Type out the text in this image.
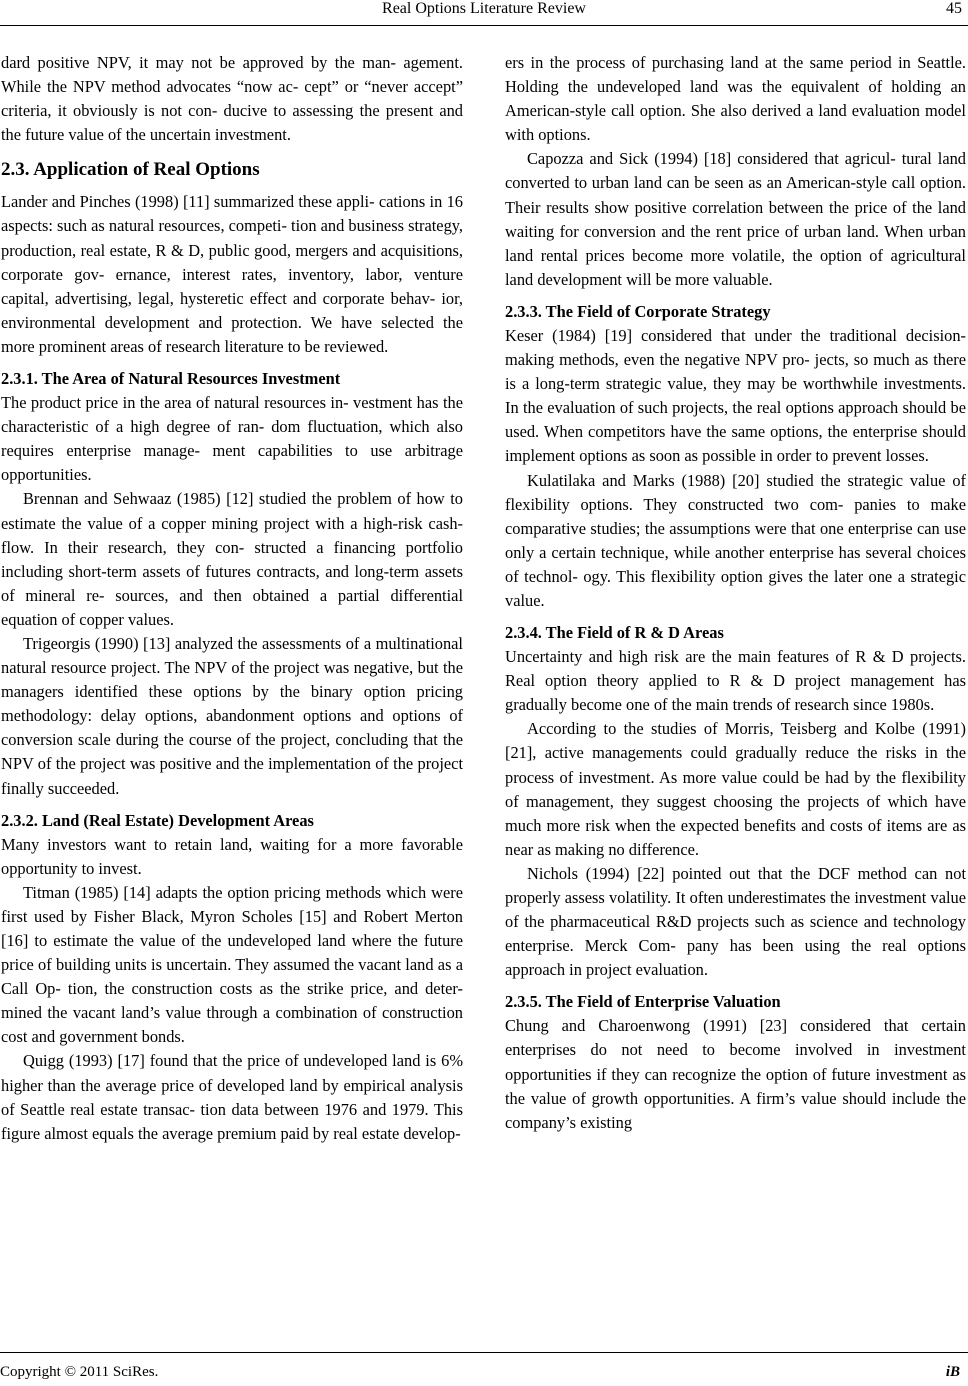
Real Options Literature Review	45

dard positive NPV, it may not be approved by the man- agement. While the NPV method advocates “now ac- cept” or “never accept” criteria, it obviously is not con- ducive to assessing the present and the future value of the uncertain investment.

2.3. Application of Real Options

Lander and Pinches (1998) [11] summarized these appli- cations in 16 aspects: such as natural resources, competi- tion and business strategy, production, real estate, R & D, public good, mergers and acquisitions, corporate gov- ernance, interest rates, inventory, labor, venture capital, advertising, legal, hysteretic effect and corporate behav- ior, environmental development and protection. We have selected the more prominent areas of research literature to be reviewed.

2.3.1. The Area of Natural Resources Investment

The product price in the area of natural resources in- vestment has the characteristic of a high degree of ran- dom fluctuation, which also requires enterprise manage- ment capabilities to use arbitrage opportunities.

Brennan and Sehwaaz (1985) [12] studied the problem of how to estimate the value of a copper mining project with a high-risk cash-flow. In their research, they con- structed a financing portfolio including short-term assets of futures contracts, and long-term assets of mineral re- sources, and then obtained a partial differential equation of copper values.

Trigeorgis (1990) [13] analyzed the assessments of a multinational natural resource project. The NPV of the project was negative, but the managers identified these options by the binary option pricing methodology: delay options, abandonment options and options of conversion scale during the course of the project, concluding that the NPV of the project was positive and the implementation of the project finally succeeded.

2.3.2. Land (Real Estate) Development Areas

Many investors want to retain land, waiting for a more favorable opportunity to invest.

Titman (1985) [14] adapts the option pricing methods which were first used by Fisher Black, Myron Scholes [15] and Robert Merton [16] to estimate the value of the undeveloped land where the future price of building units is uncertain. They assumed the vacant land as a Call Op- tion, the construction costs as the strike price, and deter- mined the vacant land’s value through a combination of construction cost and government bonds.

Quigg (1993) [17] found that the price of undeveloped land is 6% higher than the average price of developed land by empirical analysis of Seattle real estate transac- tion data between 1976 and 1979. This figure almost equals the average premium paid by real estate develop-

ers in the process of purchasing land at the same period in Seattle. Holding the undeveloped land was the equivalent of holding an American-style call option. She also derived a land evaluation model with options.

Capozza and Sick (1994) [18] considered that agricul- tural land converted to urban land can be seen as an American-style call option. Their results show positive correlation between the price of the land waiting for conversion and the rent price of urban land. When urban land rental prices become more volatile, the option of agricultural land development will be more valuable.

2.3.3. The Field of Corporate Strategy

Keser (1984) [19] considered that under the traditional decision-making methods, even the negative NPV pro- jects, so much as there is a long-term strategic value, they may be worthwhile investments. In the evaluation of such projects, the real options approach should be used. When competitors have the same options, the enterprise should implement options as soon as possible in order to prevent losses.

Kulatilaka and Marks (1988) [20] studied the strategic value of flexibility options. They constructed two com- panies to make comparative studies; the assumptions were that one enterprise can use only a certain technique, while another enterprise has several choices of technol- ogy. This flexibility option gives the later one a strategic value.

2.3.4. The Field of R & D Areas

Uncertainty and high risk are the main features of R & D projects. Real option theory applied to R & D project management has gradually become one of the main trends of research since 1980s.

According to the studies of Morris, Teisberg and Kolbe (1991) [21], active managements could gradually reduce the risks in the process of investment. As more value could be had by the flexibility of management, they suggest choosing the projects of which have much more risk when the expected benefits and costs of items are as near as making no difference.

Nichols (1994) [22] pointed out that the DCF method can not properly assess volatility. It often underestimates the investment value of the pharmaceutical R&D projects such as science and technology enterprise. Merck Com- pany has been using the real options approach in project evaluation.

2.3.5. The Field of Enterprise Valuation

Chung and Charoenwong (1991) [23] considered that certain enterprises do not need to become involved in investment opportunities if they can recognize the option of future investment as the value of growth opportunities. A firm’s value should include the company’s existing

Copyright © 2011 SciRes.	iB
